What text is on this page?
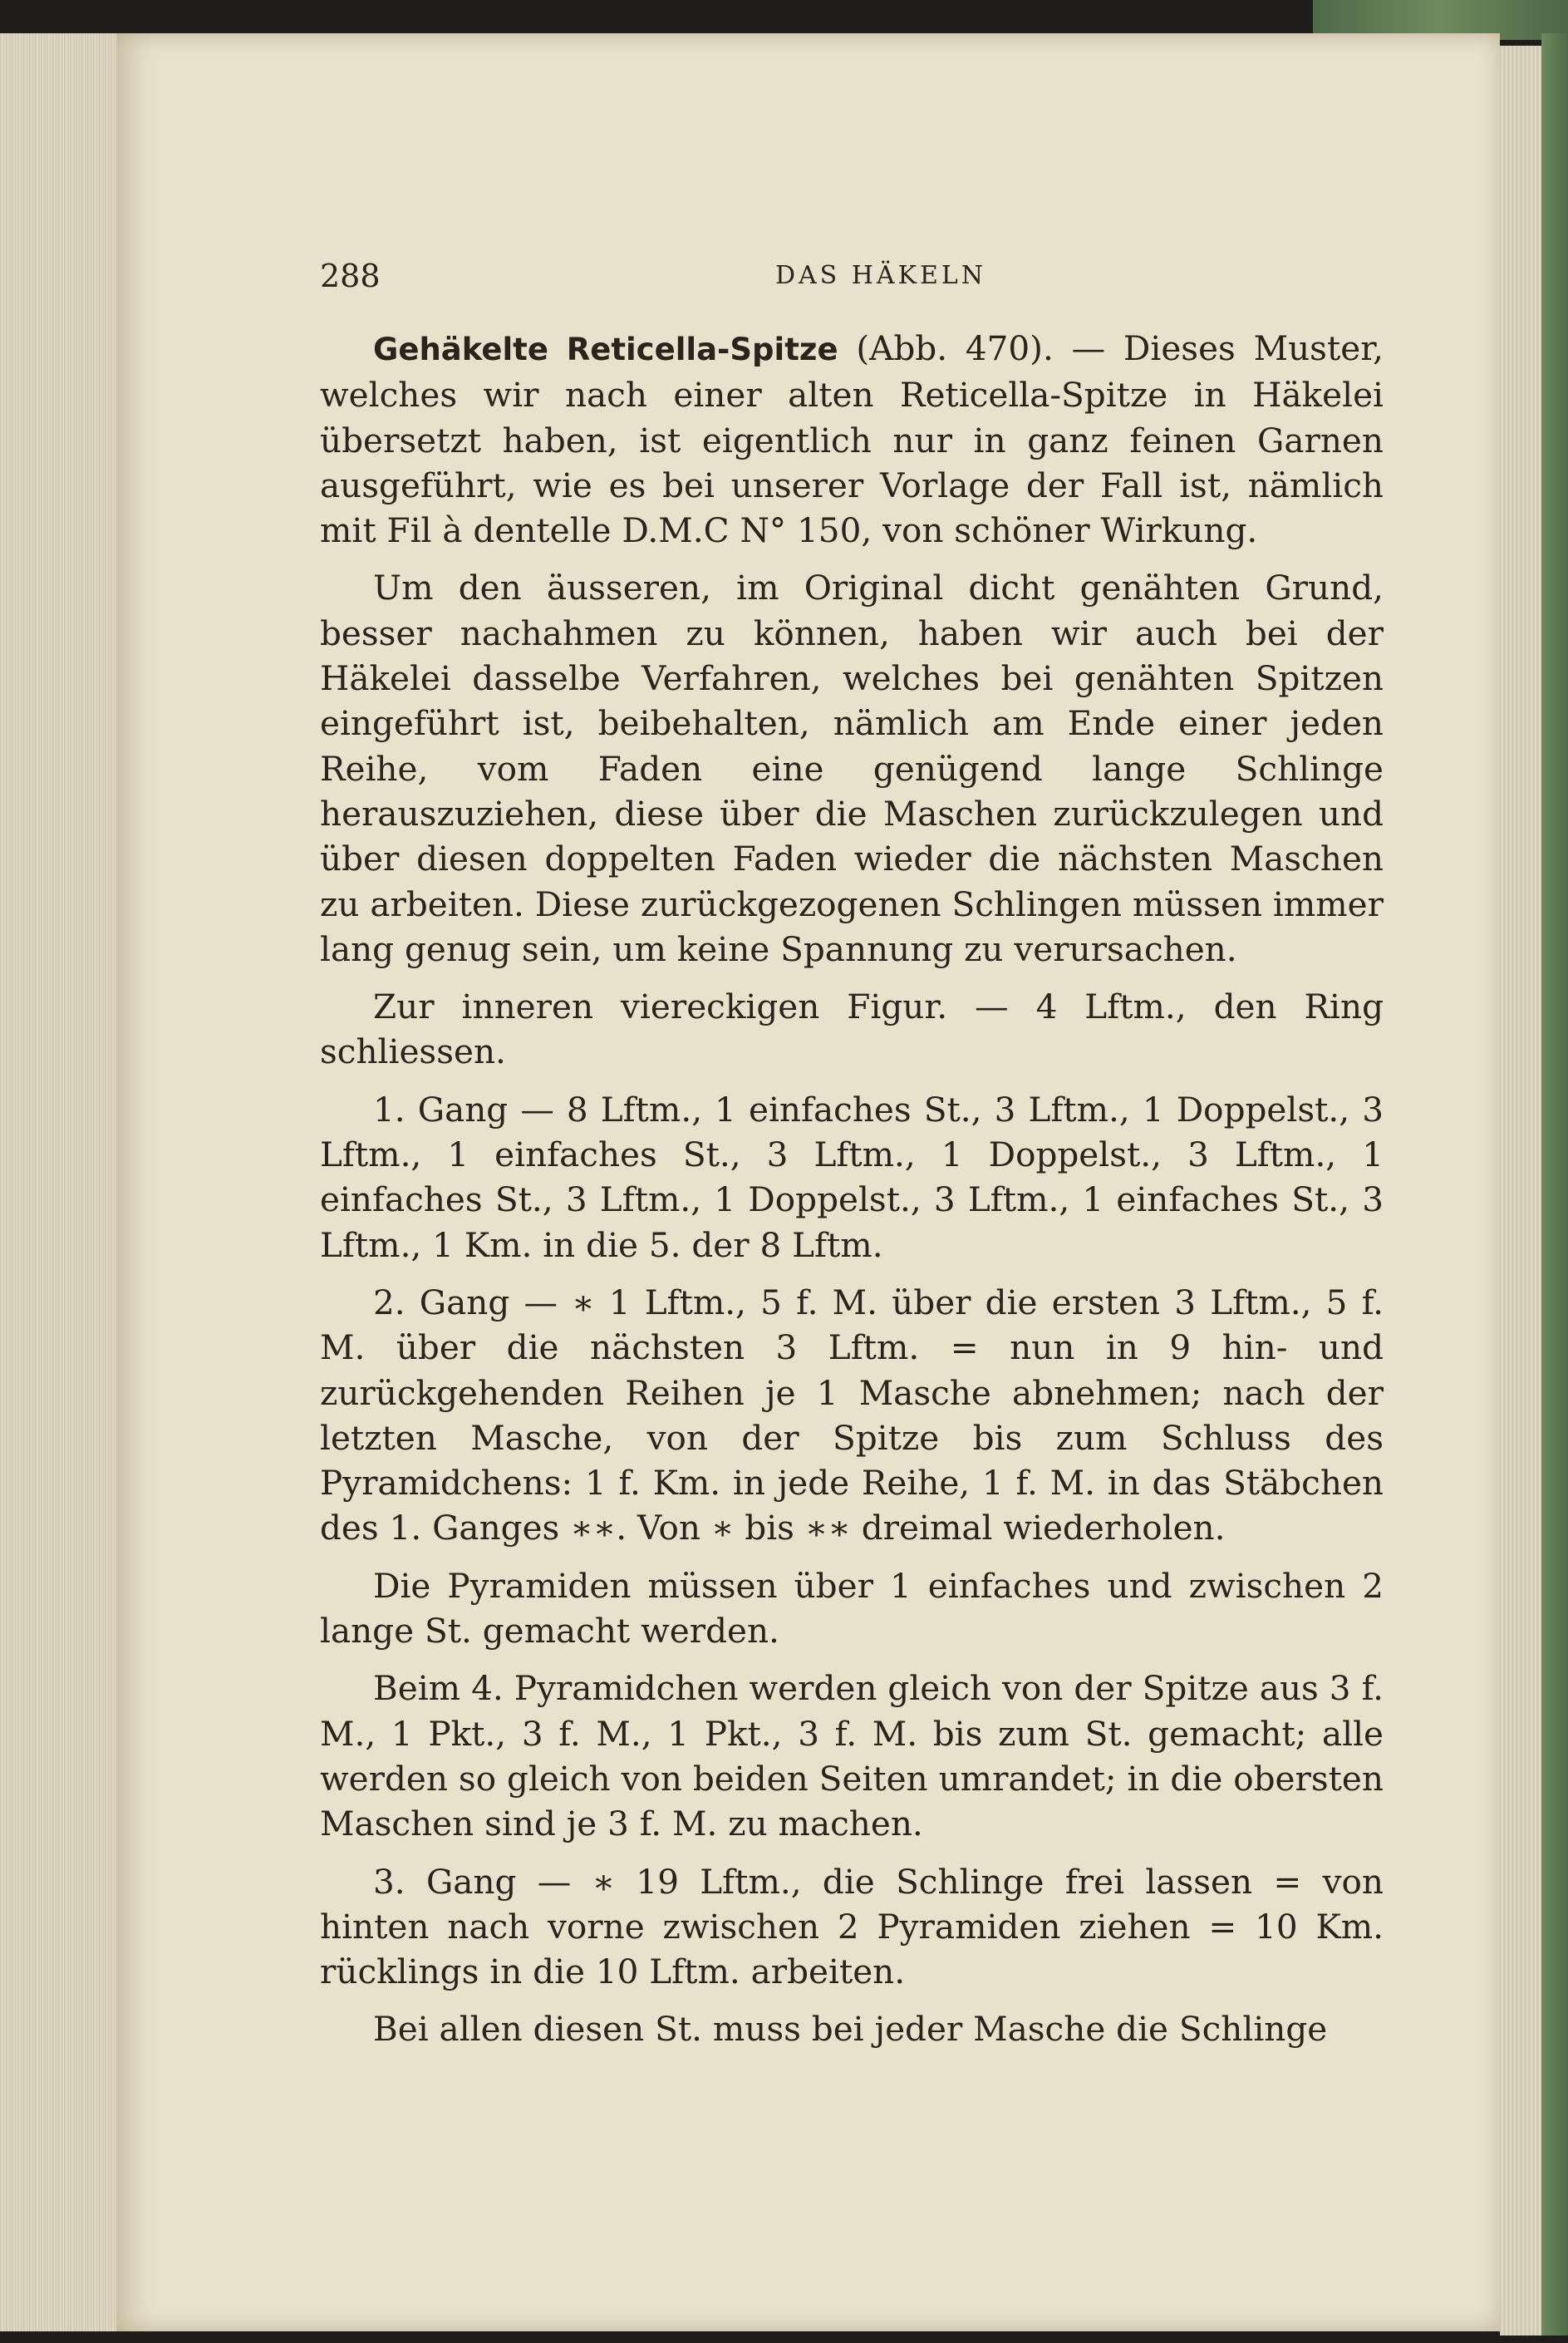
288	DAS HÄKELN

Gehäkelte Reticella-Spitze (Abb. 470). — Dieses Muster, welches wir nach einer alten Reticella-Spitze in Häkelei übersetzt haben, ist eigentlich nur in ganz feinen Garnen ausgeführt, wie es bei unserer Vorlage der Fall ist, nämlich mit Fil à dentelle D.M.C N° 150, von schöner Wirkung.

Um den äusseren, im Original dicht genähten Grund, besser nachahmen zu können, haben wir auch bei der Häkelei dasselbe Verfahren, welches bei genähten Spitzen eingeführt ist, beibehalten, nämlich am Ende einer jeden Reihe, vom Faden eine genügend lange Schlinge herauszuziehen, diese über die Maschen zurückzulegen und über diesen doppelten Faden wieder die nächsten Maschen zu arbeiten. Diese zurückgezogenen Schlingen müssen immer lang genug sein, um keine Spannung zu verursachen.

Zur inneren viereckigen Figur. — 4 Lftm., den Ring schliessen.

1. Gang — 8 Lftm., 1 einfaches St., 3 Lftm., 1 Doppelst., 3 Lftm., 1 einfaches St., 3 Lftm., 1 Doppelst., 3 Lftm., 1 einfaches St., 3 Lftm., 1 Doppelst., 3 Lftm., 1 einfaches St., 3 Lftm., 1 Km. in die 5. der 8 Lftm.

2. Gang — ∗ 1 Lftm., 5 f. M. über die ersten 3 Lftm., 5 f. M. über die nächsten 3 Lftm. = nun in 9 hin- und zurückgehenden Reihen je 1 Masche abnehmen; nach der letzten Masche, von der Spitze bis zum Schluss des Pyramidchens: 1 f. Km. in jede Reihe, 1 f. M. in das Stäbchen des 1. Ganges ∗∗. Von ∗ bis ∗∗ dreimal wiederholen.

Die Pyramiden müssen über 1 einfaches und zwischen 2 lange St. gemacht werden.

Beim 4. Pyramidchen werden gleich von der Spitze aus 3 f. M., 1 Pkt., 3 f. M., 1 Pkt., 3 f. M. bis zum St. gemacht; alle werden so gleich von beiden Seiten umrandet; in die obersten Maschen sind je 3 f. M. zu machen.

3. Gang — ∗ 19 Lftm., die Schlinge frei lassen = von hinten nach vorne zwischen 2 Pyramiden ziehen = 10 Km. rücklings in die 10 Lftm. arbeiten.

Bei allen diesen St. muss bei jeder Masche die Schlinge
